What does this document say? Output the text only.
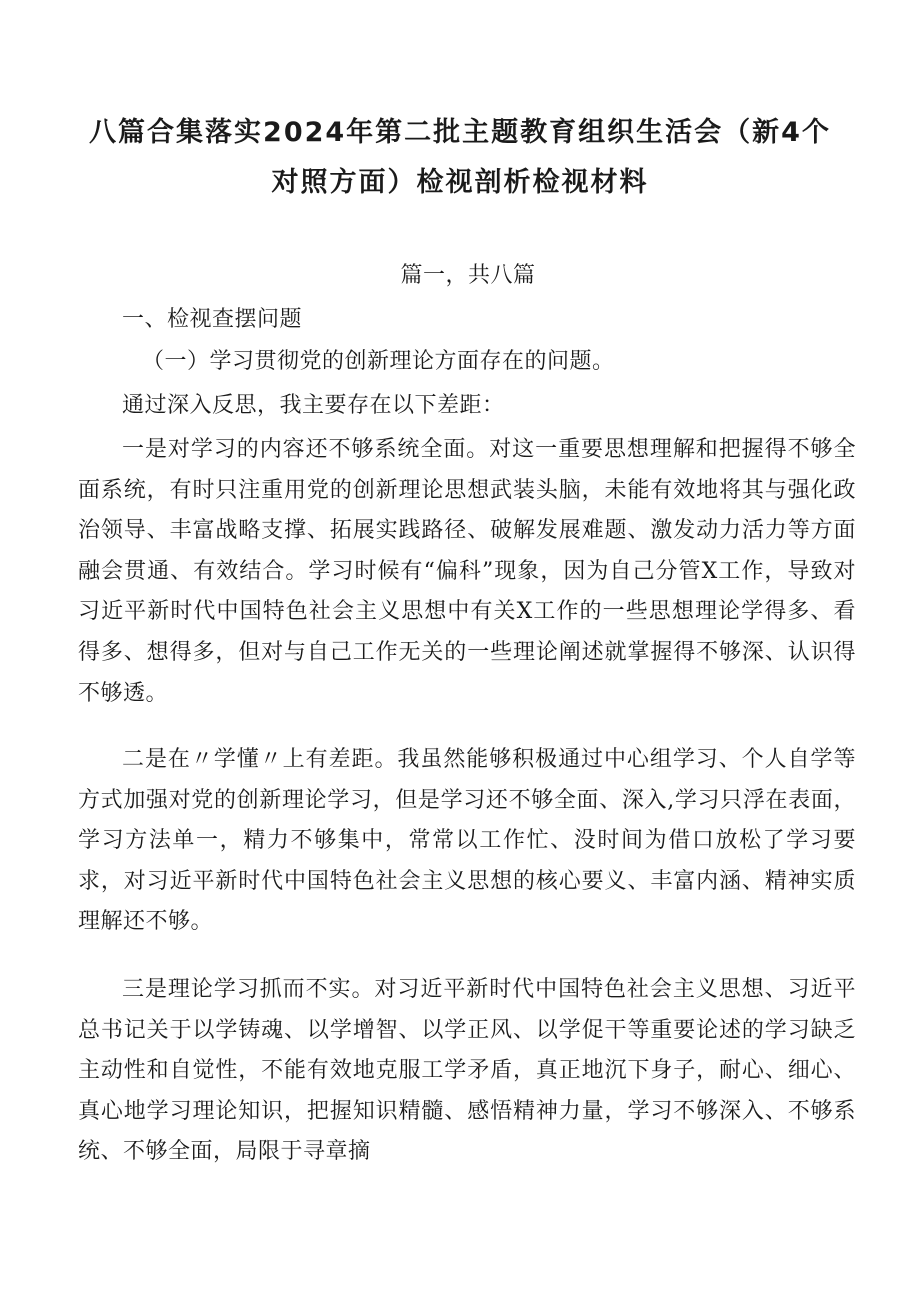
八篇合集落实2024年第二批主题教育组织生活会（新4个对照方面）检视剖析检视材料
篇一，共八篇

一、检视查摆问题

（一）学习贯彻党的创新理论方面存在的问题。

通过深入反思，我主要存在以下差距：

一是对学习的内容还不够系统全面。对这一重要思想理解和把握得不够全面系统，有时只注重用党的创新理论思想武装头脑，未能有效地将其与强化政治领导、丰富战略支撑、拓展实践路径、破解发展难题、激发动力活力等方面融会贯通、有效结合。学习时候有“偏科”现象，因为自己分管X工作，导致对习近平新时代中国特色社会主义思想中有关X工作的一些思想理论学得多、看得多、想得多，但对与自己工作无关的一些理论阐述就掌握得不够深、认识得不够透。

二是在〃学懂〃上有差距。我虽然能够积极通过中心组学习、个人自学等方式加强对党的创新理论学习，但是学习还不够全面、深入,学习只浮在表面，学习方法单一，精力不够集中，常常以工作忙、没时间为借口放松了学习要求，对习近平新时代中国特色社会主义思想的核心要义、丰富内涵、精神实质理解还不够。

三是理论学习抓而不实。对习近平新时代中国特色社会主义思想、习近平总书记关于以学铸魂、以学增智、以学正风、以学促干等重要论述的学习缺乏主动性和自觉性，不能有效地克服工学矛盾，真正地沉下身子，耐心、细心、真心地学习理论知识，把握知识精髓、感悟精神力量，学习不够深入、不够系统、不够全面，局限于寻章摘
